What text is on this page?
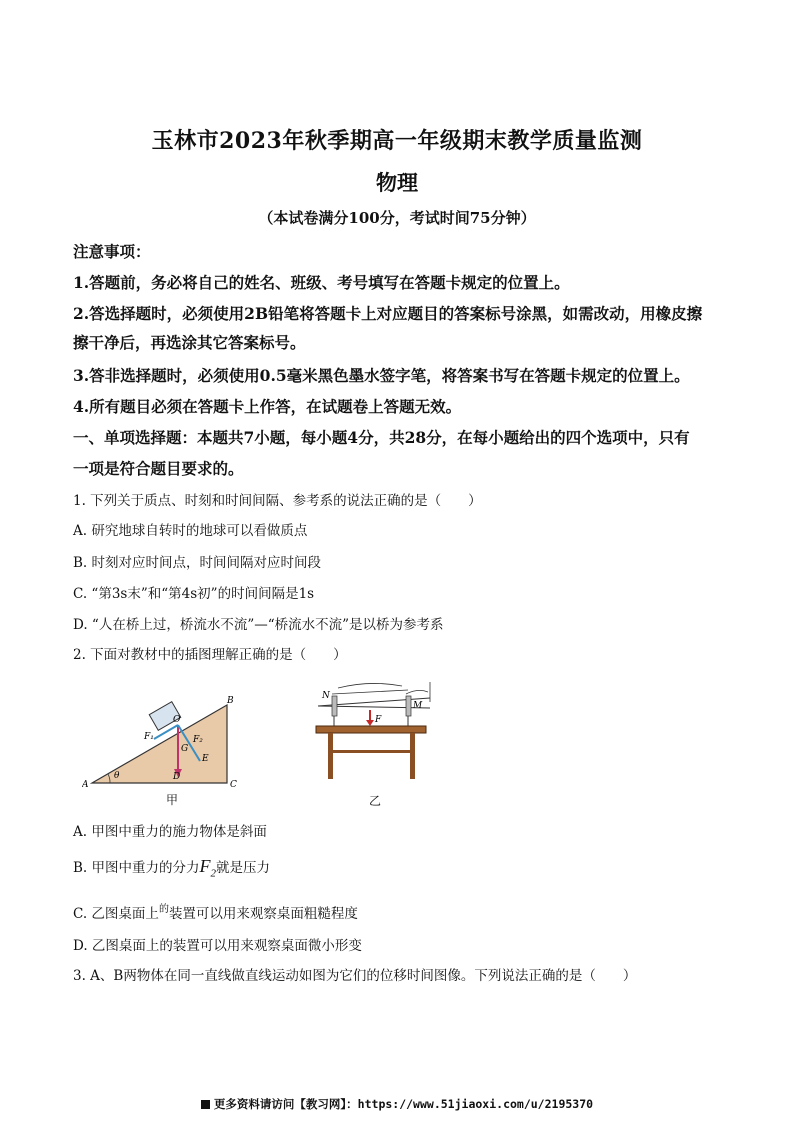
玉林市2023年秋季期高一年级期末教学质量监测
物理
（本试卷满分100分，考试时间75分钟）
注意事项：
1.答题前，务必将自己的姓名、班级、考号填写在答题卡规定的位置上。
2.答选择题时，必须使用2B铅笔将答题卡上对应题目的答案标号涂黑，如需改动，用橡皮擦
擦干净后，再选涂其它答案标号。
3.答非选择题时，必须使用0.5毫米黑色墨水签字笔，将答案书写在答题卡规定的位置上。
4.所有题目必须在答题卡上作答，在试题卷上答题无效。
一、单项选择题：本题共7小题，每小题4分，共28分，在每小题给出的四个选项中，只有
一项是符合题目要求的。
1. 下列关于质点、时刻和时间间隔、参考系的说法正确的是（　　）
A. 研究地球自转时的地球可以看做质点
B. 时刻对应时间点，时间间隔对应时间段
C. “第3s末”和“第4s初”的时间间隔是1s
D. “人在桥上过，桥流水不流”—“桥流水不流”是以桥为参考系
2. 下面对教材中的插图理解正确的是（　　）
B
O
F₁	F₂
G
E
A
θ	D
C
甲
N
M
F
乙
A. 甲图中重力的施力物体是斜面
B. 甲图中重力的分力$F_2$就是压力
C. 乙图桌面上$^的$装置可以用来观察桌面粗糙程度
D. 乙图桌面上的装置可以用来观察桌面微小形变
3. A、B两物体在同一直线做直线运动如图为它们的位移时间图像。下列说法正确的是（　　）
更多资料请访问【教习网】：https://www.51jiaoxi.com/u/2195370
